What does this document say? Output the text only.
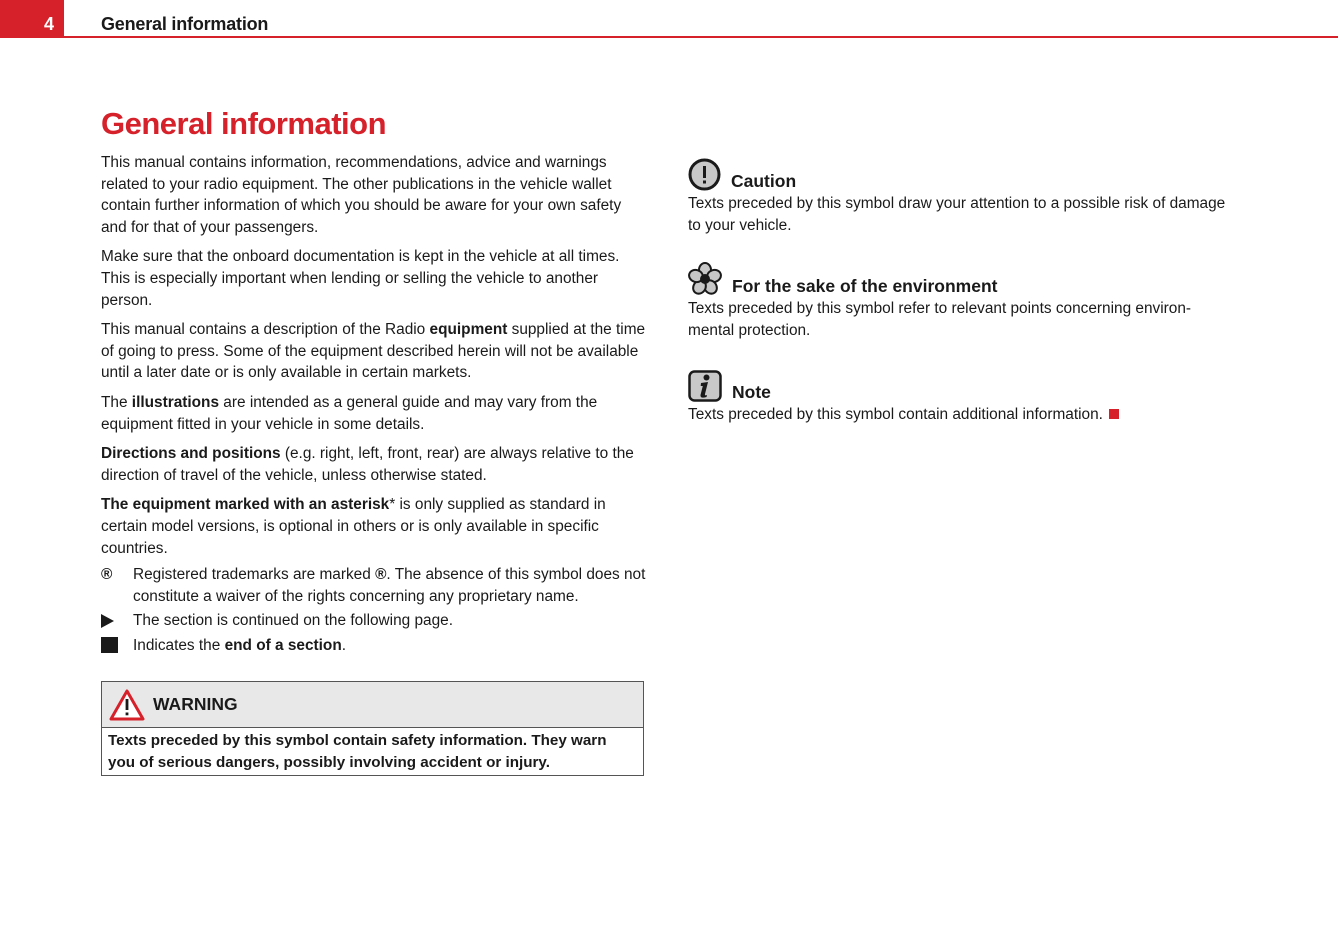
4	General information
General information

This manual contains information, recommendations, advice and warnings related to your radio equipment. The other publications in the vehicle wallet contain further information of which you should be aware for your own safety and for that of your passengers.

Make sure that the onboard documentation is kept in the vehicle at all times. This is especially important when lending or selling the vehicle to another person.

This manual contains a description of the Radio equipment supplied at the time of going to press. Some of the equipment described herein will not be available until a later date or is only available in certain markets.

The illustrations are intended as a general guide and may vary from the equipment fitted in your vehicle in some details.

Directions and positions (e.g. right, left, front, rear) are always relative to the direction of travel of the vehicle, unless otherwise stated.

The equipment marked with an asterisk* is only supplied as standard in certain model versions, is optional in others or is only available in specific countries.

®	Registered trademarks are marked ®. The absence of this symbol does not constitute a waiver of the rights concerning any proprietary name.
The section is continued on the following page.
Indicates the end of a section.
WARNING
Texts preceded by this symbol contain safety information. They warn you of serious dangers, possibly involving accident or injury.
Caution
Texts preceded by this symbol draw your attention to a possible risk of damage to your vehicle.
For the sake of the environment
Texts preceded by this symbol refer to relevant points concerning environ-mental protection.
Note
Texts preceded by this symbol contain additional information.
